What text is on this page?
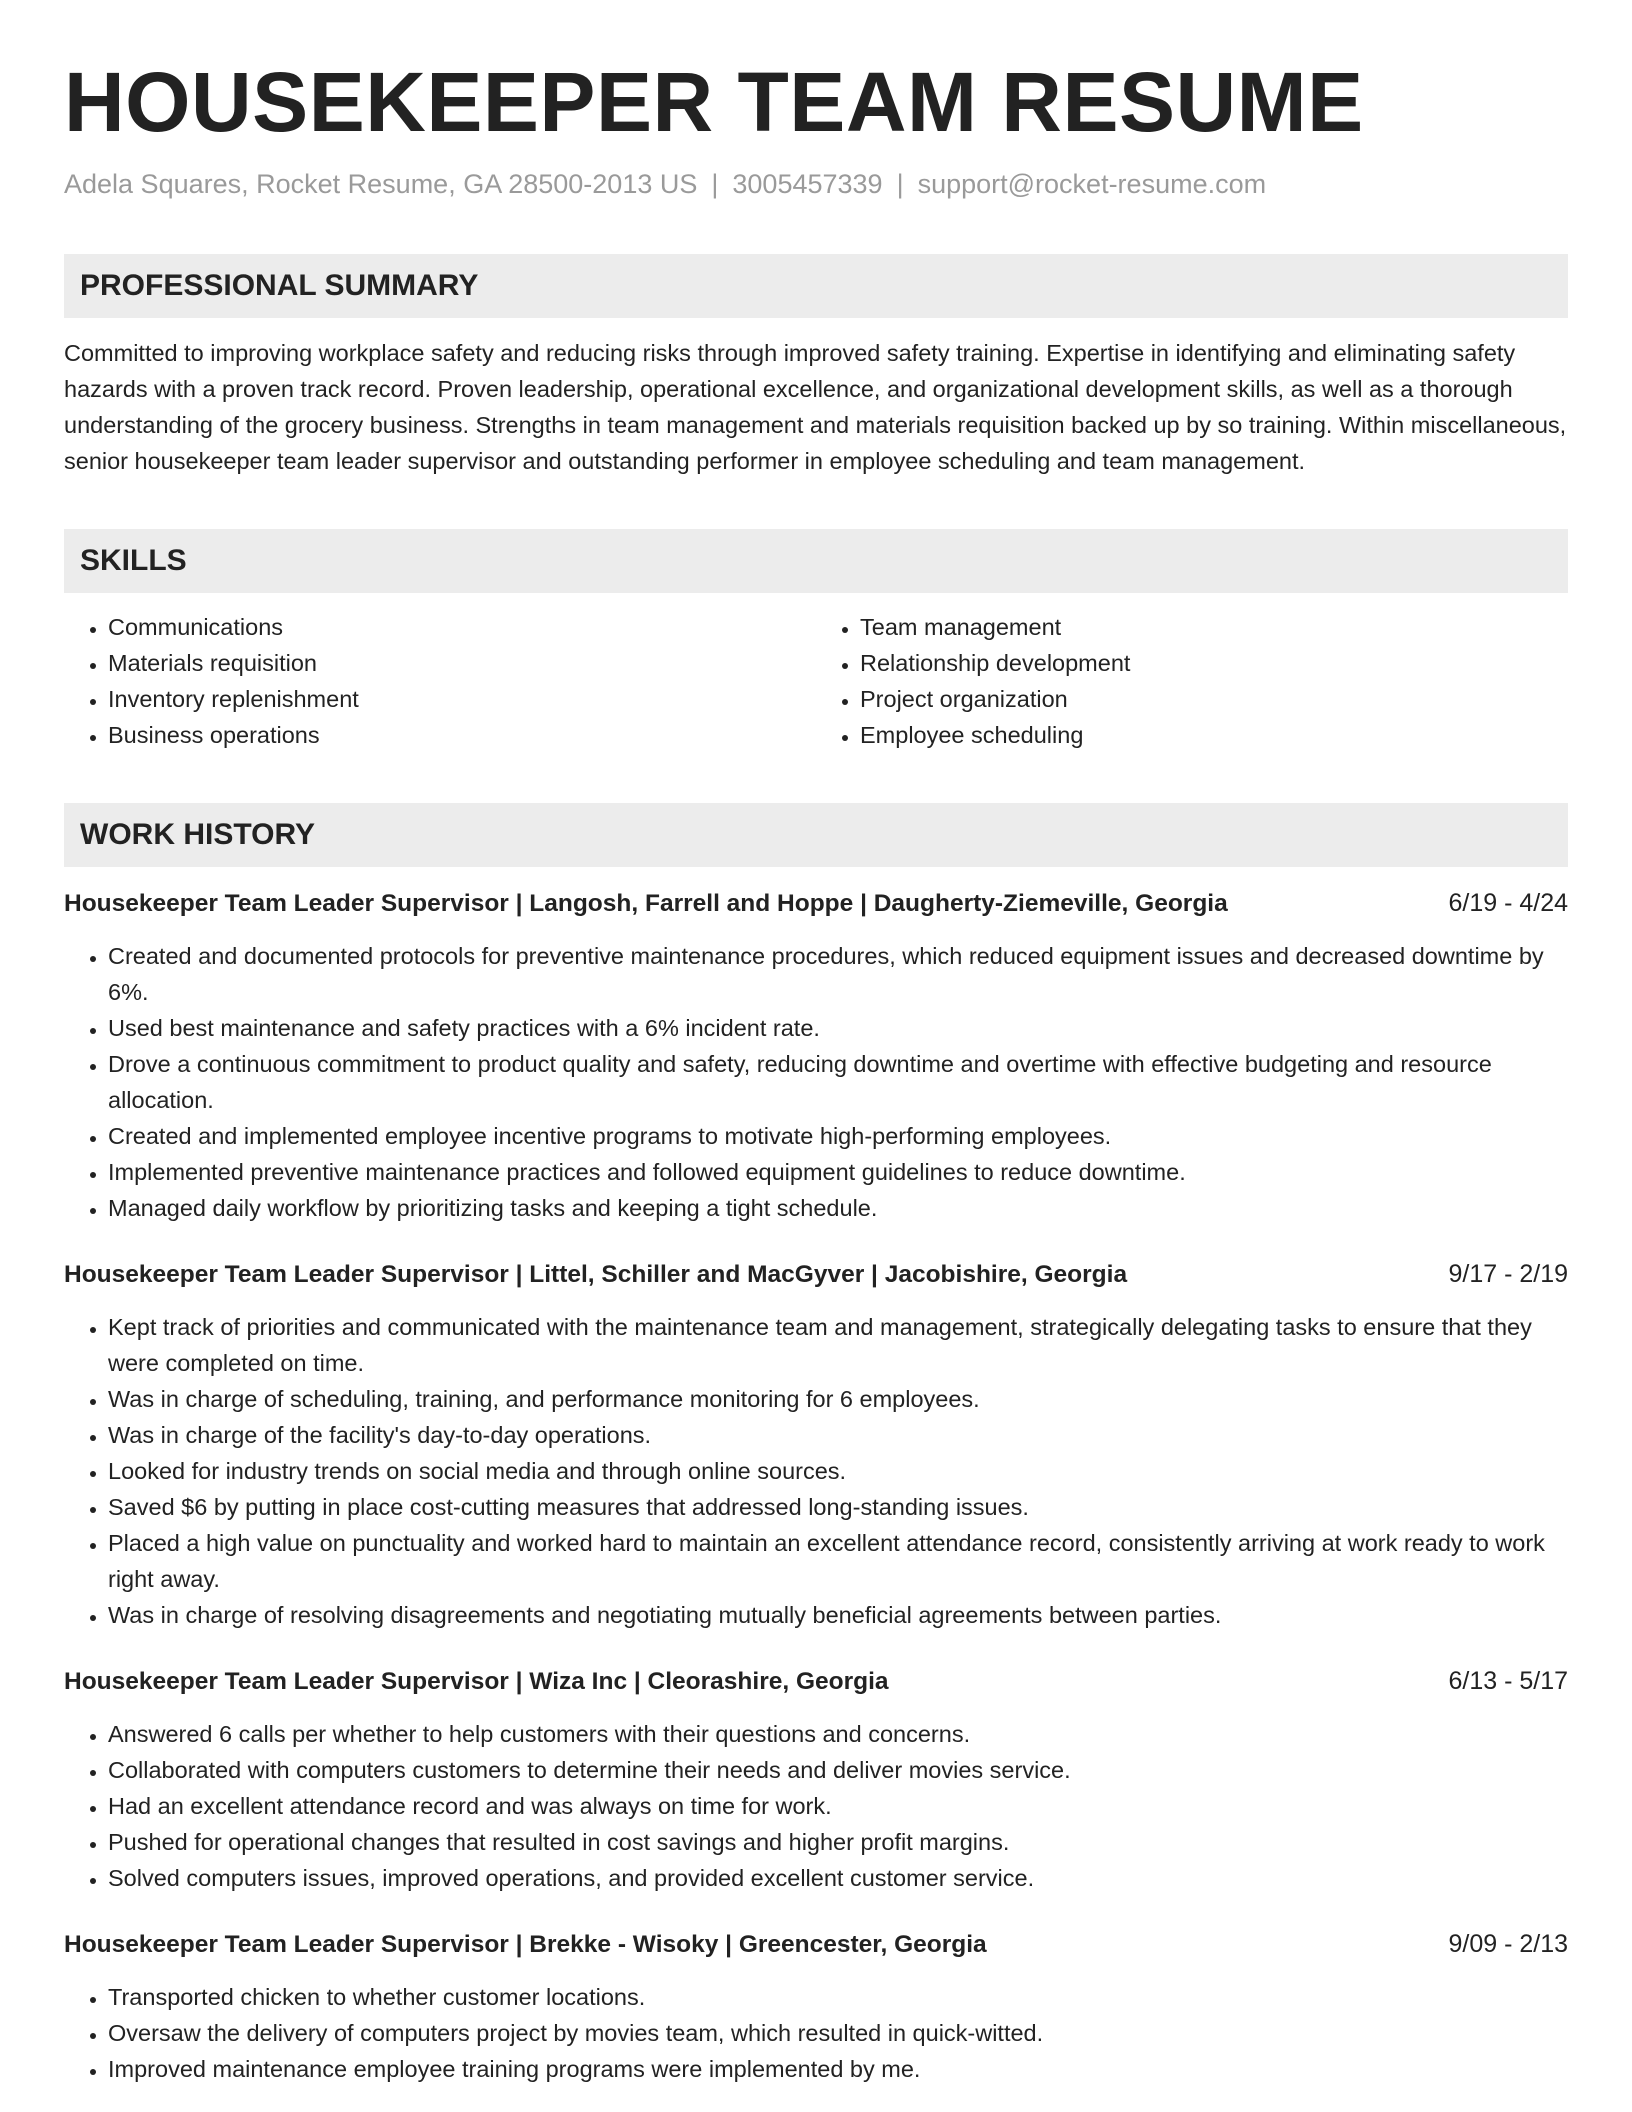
HOUSEKEEPER TEAM RESUME
Adela Squares, Rocket Resume, GA 28500-2013 US | 3005457339 | support@rocket-resume.com
PROFESSIONAL SUMMARY
Committed to improving workplace safety and reducing risks through improved safety training. Expertise in identifying and eliminating safety hazards with a proven track record. Proven leadership, operational excellence, and organizational development skills, as well as a thorough understanding of the grocery business. Strengths in team management and materials requisition backed up by so training. Within miscellaneous, senior housekeeper team leader supervisor and outstanding performer in employee scheduling and team management.
SKILLS
• Communications
• Materials requisition
• Inventory replenishment
• Business operations
• Team management
• Relationship development
• Project organization
• Employee scheduling
WORK HISTORY
Housekeeper Team Leader Supervisor | Langosh, Farrell and Hoppe | Daugherty-Ziemeville, Georgia	6/19 - 4/24
• Created and documented protocols for preventive maintenance procedures, which reduced equipment issues and decreased downtime by 6%.
• Used best maintenance and safety practices with a 6% incident rate.
• Drove a continuous commitment to product quality and safety, reducing downtime and overtime with effective budgeting and resource allocation.
• Created and implemented employee incentive programs to motivate high-performing employees.
• Implemented preventive maintenance practices and followed equipment guidelines to reduce downtime.
• Managed daily workflow by prioritizing tasks and keeping a tight schedule.
Housekeeper Team Leader Supervisor | Littel, Schiller and MacGyver | Jacobishire, Georgia	9/17 - 2/19
• Kept track of priorities and communicated with the maintenance team and management, strategically delegating tasks to ensure that they were completed on time.
• Was in charge of scheduling, training, and performance monitoring for 6 employees.
• Was in charge of the facility's day-to-day operations.
• Looked for industry trends on social media and through online sources.
• Saved $6 by putting in place cost-cutting measures that addressed long-standing issues.
• Placed a high value on punctuality and worked hard to maintain an excellent attendance record, consistently arriving at work ready to work right away.
• Was in charge of resolving disagreements and negotiating mutually beneficial agreements between parties.
Housekeeper Team Leader Supervisor | Wiza Inc | Cleorashire, Georgia	6/13 - 5/17
• Answered 6 calls per whether to help customers with their questions and concerns.
• Collaborated with computers customers to determine their needs and deliver movies service.
• Had an excellent attendance record and was always on time for work.
• Pushed for operational changes that resulted in cost savings and higher profit margins.
• Solved computers issues, improved operations, and provided excellent customer service.
Housekeeper Team Leader Supervisor | Brekke - Wisoky | Greencester, Georgia	9/09 - 2/13
• Transported chicken to whether customer locations.
• Oversaw the delivery of computers project by movies team, which resulted in quick-witted.
• Improved maintenance employee training programs were implemented by me.
